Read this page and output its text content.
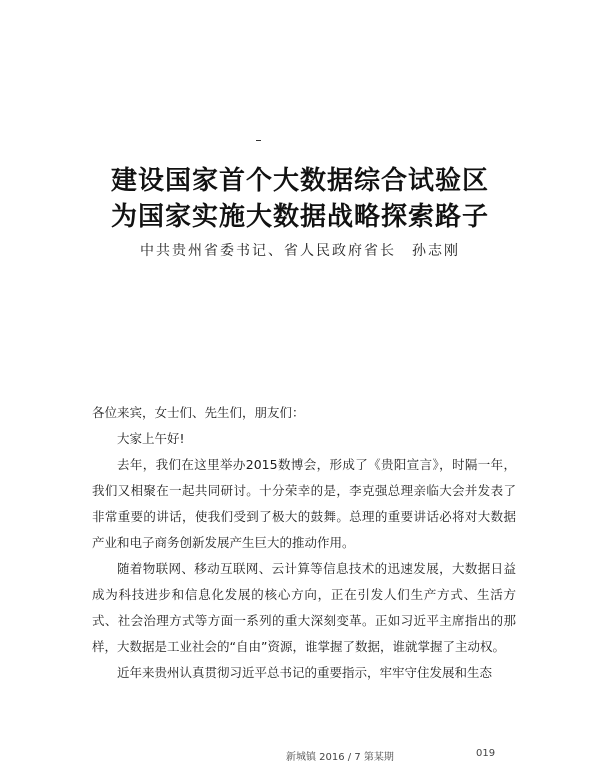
建设国家首个大数据综合试验区
为国家实施大数据战略探索路子
中共贵州省委书记、省人民政府省长　孙志刚

各位来宾，女士们、先生们，朋友们：

大家上午好!

去年，我们在这里举办2015数博会，形成了《贵阳宣言》，时隔一年，我们又相聚在一起共同研讨。十分荣幸的是，李克强总理亲临大会并发表了非常重要的讲话，使我们受到了极大的鼓舞。总理的重要讲话必将对大数据产业和电子商务创新发展产生巨大的推动作用。

随着物联网、移动互联网、云计算等信息技术的迅速发展，大数据日益成为科技进步和信息化发展的核心方向，正在引发人们生产方式、生活方式、社会治理方式等方面一系列的重大深刻变革。正如习近平主席指出的那样，大数据是工业社会的“自由”资源，谁掌握了数据，谁就掌握了主动权。

近年来贵州认真贯彻习近平总书记的重要指示，牢牢守住发展和生态

新城镇 2016 / 7 第某期	019
